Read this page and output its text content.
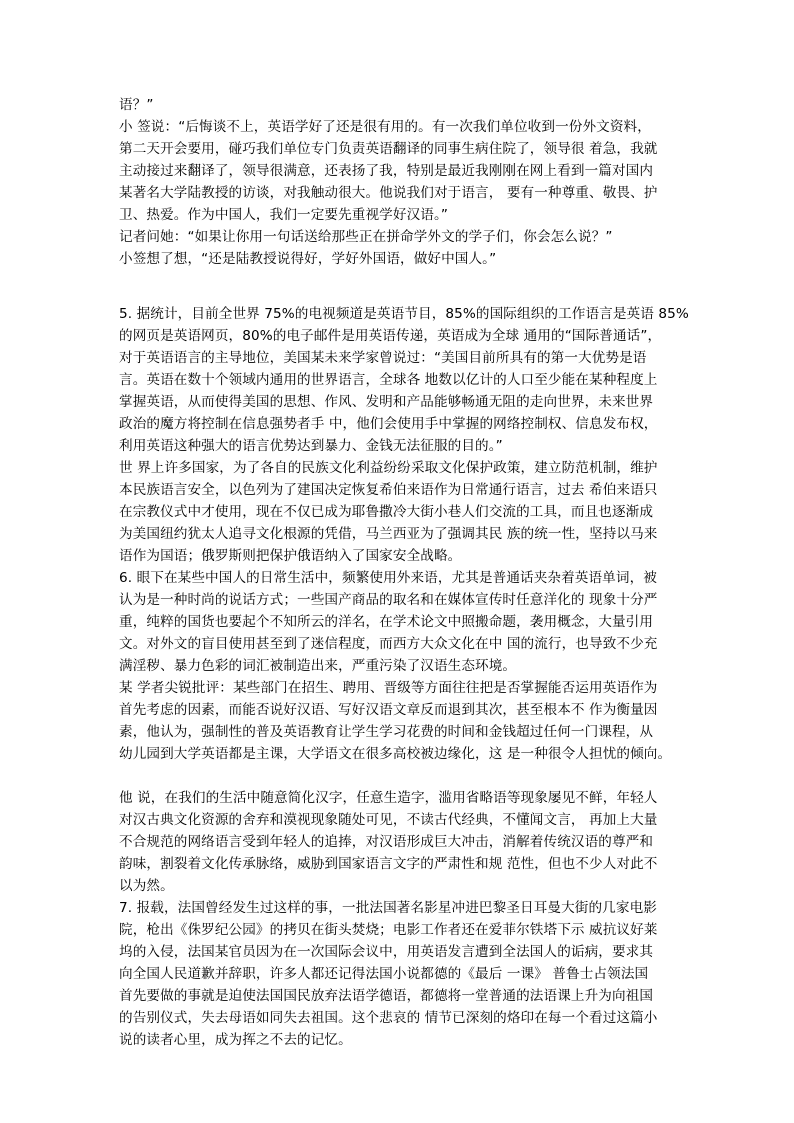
语？”

小 签说：“后悔谈不上，英语学好了还是很有用的。有一次我们单位收到一份外文资料，

第二天开会要用，碰巧我们单位专门负责英语翻译的同事生病住院了，领导很 着急，我就

主动接过来翻译了，领导很满意，还表扬了我，特别是最近我刚刚在网上看到一篇对国内

某著名大学陆教授的访谈，对我触动很大。他说我们对于语言， 要有一种尊重、敬畏、护

卫、热爱。作为中国人，我们一定要先重视学好汉语。”

记者问她：“如果让你用一句话送给那些正在拼命学外文的学子们，你会怎么说？”

小签想了想，“还是陆教授说得好，学好外国语，做好中国人。”

5. 据统计，目前全世界 75%的电视频道是英语节目，85%的国际组织的工作语言是英语 85%

的网页是英语网页，80%的电子邮件是用英语传递，英语成为全球 通用的“国际普通话”，

对于英语语言的主导地位，美国某未来学家曾说过：“美国目前所具有的第一大优势是语

言。英语在数十个领域内通用的世界语言，全球各 地数以亿计的人口至少能在某种程度上

掌握英语，从而使得美国的思想、作风、发明和产品能够畅通无阻的走向世界，未来世界

政治的魔方将控制在信息强势者手 中，他们会使用手中掌握的网络控制权、信息发布权，

利用英语这种强大的语言优势达到暴力、金钱无法征服的目的。”

世 界上许多国家，为了各自的民族文化利益纷纷采取文化保护政策，建立防范机制，维护

本民族语言安全，以色列为了建国决定恢复希伯来语作为日常通行语言，过去 希伯来语只

在宗教仪式中才使用，现在不仅已成为耶鲁撒冷大街小巷人们交流的工具，而且也逐渐成

为美国纽约犹太人追寻文化根源的凭借，马兰西亚为了强调其民 族的统一性，坚持以马来

语作为国语；俄罗斯则把保护俄语纳入了国家安全战略。

6. 眼下在某些中国人的日常生活中，频繁使用外来语，尤其是普通话夹杂着英语单词，被

认为是一种时尚的说话方式；一些国产商品的取名和在媒体宣传时任意洋化的 现象十分严

重，纯粹的国货也要起个不知所云的洋名，在学术论文中照搬命题，袭用概念，大量引用

文。对外文的盲目使用甚至到了迷信程度，而西方大众文化在中 国的流行，也导致不少充

满淫秽、暴力色彩的词汇被制造出来，严重污染了汉语生态环境。

某 学者尖锐批评：某些部门在招生、聘用、晋级等方面往往把是否掌握能否运用英语作为

首先考虑的因素，而能否说好汉语、写好汉语文章反而退到其次，甚至根本不 作为衡量因

素，他认为，强制性的普及英语教育让学生学习花费的时间和金钱超过任何一门课程，从

幼儿园到大学英语都是主课，大学语文在很多高校被边缘化，这 是一种很令人担忧的倾向。

他 说，在我们的生活中随意简化汉字，任意生造字，滥用省略语等现象屡见不鲜，年轻人

对汉古典文化资源的舍弃和漠视现象随处可见，不读古代经典，不懂闻文言， 再加上大量

不合规范的网络语言受到年轻人的追捧，对汉语形成巨大冲击，消解着传统汉语的尊严和

韵味，割裂着文化传承脉络，威胁到国家语言文字的严肃性和规 范性，但也不少人对此不

以为然。

7. 报载，法国曾经发生过这样的事，一批法国著名影星冲进巴黎圣日耳曼大街的几家电影

院，枪出《侏罗纪公园》的拷贝在街头焚烧；电影工作者还在爱菲尔铁塔下示 威抗议好莱

坞的入侵，法国某官员因为在一次国际会议中，用英语发言遭到全法国人的诟病，要求其

向全国人民道歉并辞职，许多人都还记得法国小说都德的《最后 一课》 普鲁士占领法国

首先要做的事就是迫使法国国民放弃法语学德语，都德将一堂普通的法语课上升为向祖国

的告别仪式，失去母语如同失去祖国。这个悲哀的 情节已深刻的烙印在每一个看过这篇小

说的读者心里，成为挥之不去的记忆。
